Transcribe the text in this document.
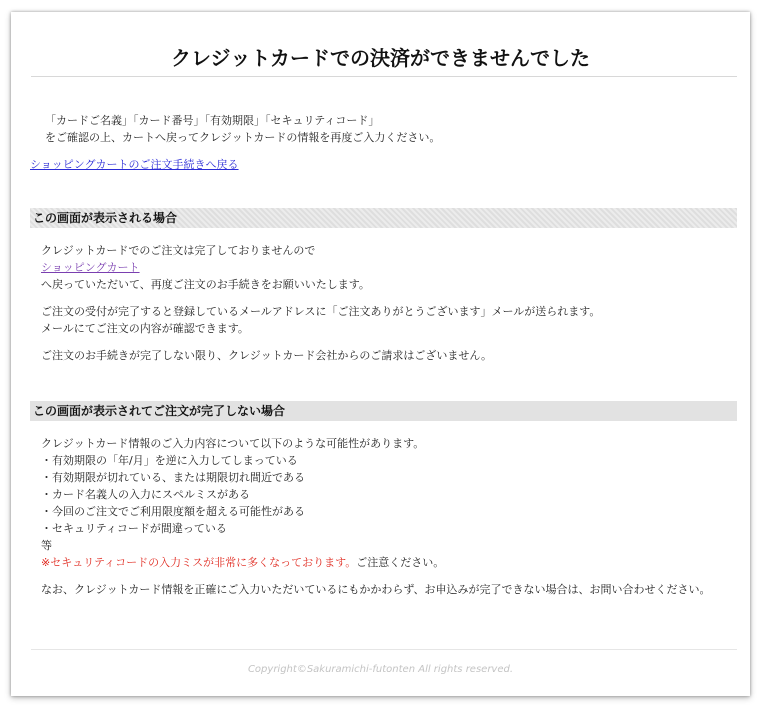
クレジットカードでの決済ができませんでした
「カードご名義」「カード番号」「有効期限」「セキュリティコード」
をご確認の上、カートへ戻ってクレジットカードの情報を再度ご入力ください。
ショッピングカートのご注文手続きへ戻る
この画面が表示される場合

クレジットカードでのご注文は完了しておりませんので
ショッピングカート
へ戻っていただいて、再度ご注文のお手続きをお願いいたします。

ご注文の受付が完了すると登録しているメールアドレスに「ご注文ありがとうございます」メールが送られます。
メールにてご注文の内容が確認できます。

ご注文のお手続きが完了しない限り、クレジットカード会社からのご請求はございません。

この画面が表示されてご注文が完了しない場合

クレジットカード情報のご入力内容について以下のような可能性があります。

・有効期限の「年/月」を逆に入力してしまっている
・有効期限が切れている、または期限切れ間近である
・カード名義人の入力にスペルミスがある
・今回のご注文でご利用限度額を超える可能性がある
・セキュリティコードが間違っている
等
※セキュリティコードの入力ミスが非常に多くなっております。ご注意ください。

なお、クレジットカード情報を正確にご入力いただいているにもかかわらず、お申込みが完了できない場合は、お問い合わせください。

Copyright©Sakuramichi-futonten All rights reserved.
